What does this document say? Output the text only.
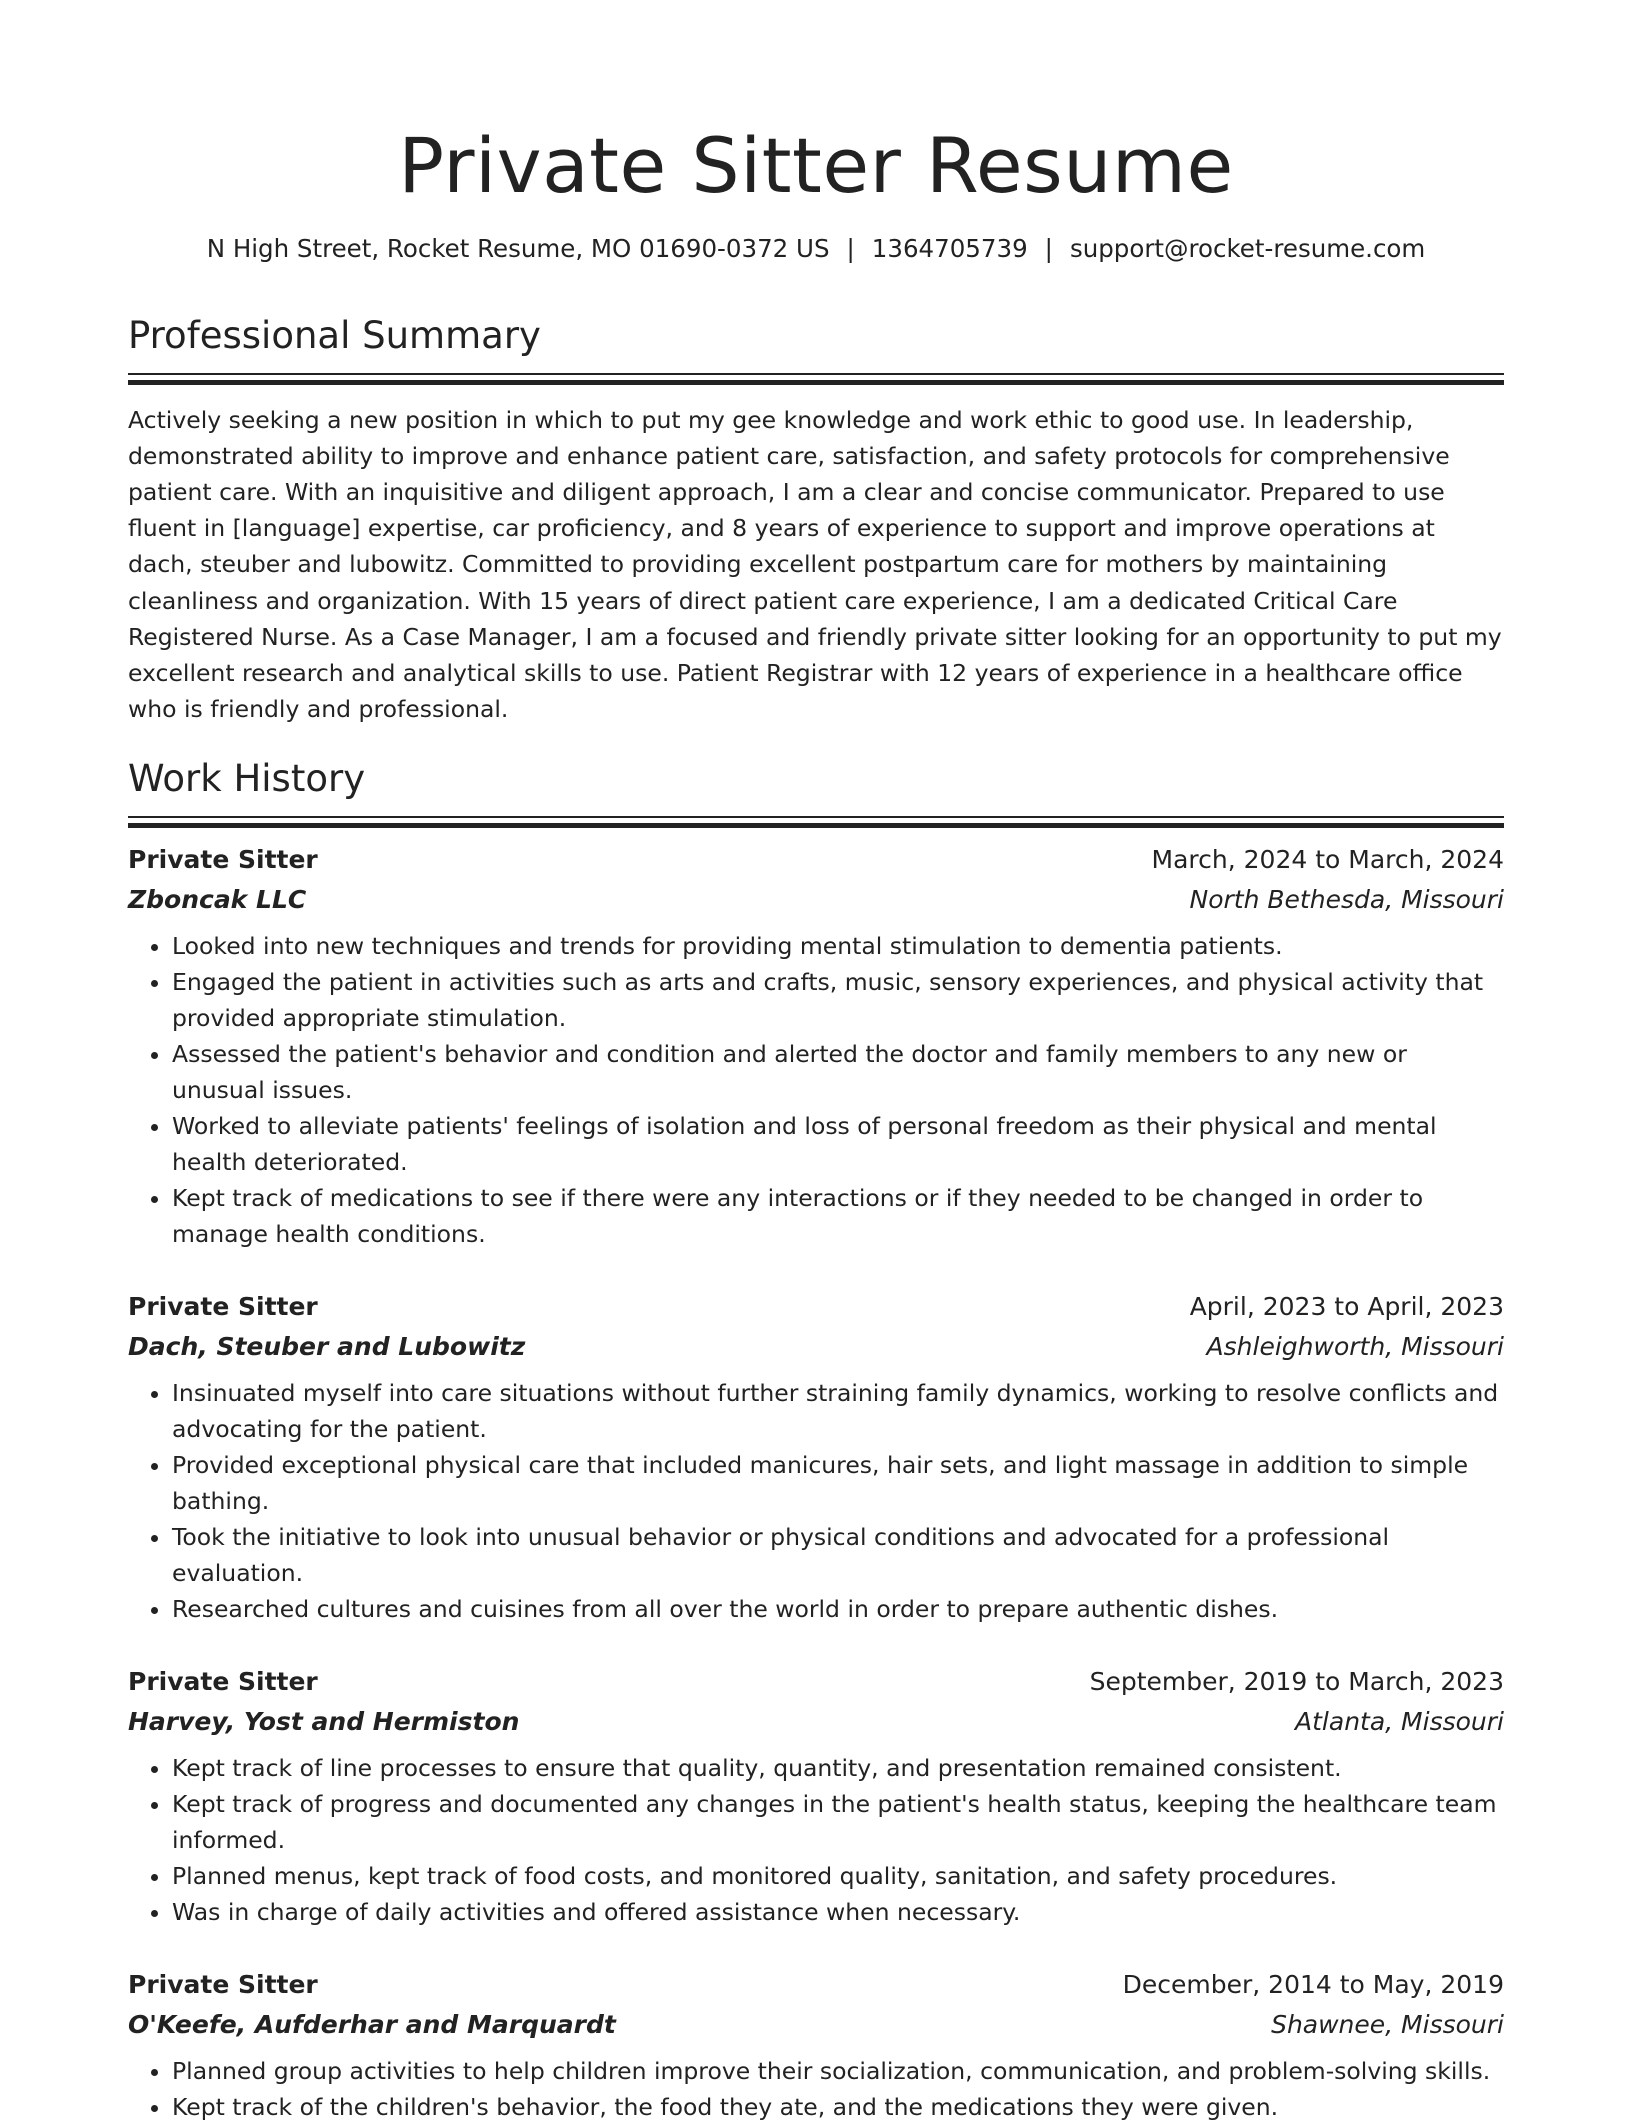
Private Sitter Resume
N High Street, Rocket Resume, MO 01690-0372 US | 1364705739 | support@rocket-resume.com
Professional Summary
Actively seeking a new position in which to put my gee knowledge and work ethic to good use. In leadership, demonstrated ability to improve and enhance patient care, satisfaction, and safety protocols for comprehensive patient care. With an inquisitive and diligent approach, I am a clear and concise communicator. Prepared to use fluent in [language] expertise, car proficiency, and 8 years of experience to support and improve operations at dach, steuber and lubowitz. Committed to providing excellent postpartum care for mothers by maintaining cleanliness and organization. With 15 years of direct patient care experience, I am a dedicated Critical Care Registered Nurse. As a Case Manager, I am a focused and friendly private sitter looking for an opportunity to put my excellent research and analytical skills to use. Patient Registrar with 12 years of experience in a healthcare office who is friendly and professional.
Work History
Private Sitter	March, 2024 to March, 2024
Zboncak LLC	North Bethesda, Missouri
• Looked into new techniques and trends for providing mental stimulation to dementia patients.
• Engaged the patient in activities such as arts and crafts, music, sensory experiences, and physical activity that provided appropriate stimulation.
• Assessed the patient's behavior and condition and alerted the doctor and family members to any new or unusual issues.
• Worked to alleviate patients' feelings of isolation and loss of personal freedom as their physical and mental health deteriorated.
• Kept track of medications to see if there were any interactions or if they needed to be changed in order to manage health conditions.
Private Sitter	April, 2023 to April, 2023
Dach, Steuber and Lubowitz	Ashleighworth, Missouri
• Insinuated myself into care situations without further straining family dynamics, working to resolve conflicts and advocating for the patient.
• Provided exceptional physical care that included manicures, hair sets, and light massage in addition to simple bathing.
• Took the initiative to look into unusual behavior or physical conditions and advocated for a professional evaluation.
• Researched cultures and cuisines from all over the world in order to prepare authentic dishes.
Private Sitter	September, 2019 to March, 2023
Harvey, Yost and Hermiston	Atlanta, Missouri
• Kept track of line processes to ensure that quality, quantity, and presentation remained consistent.
• Kept track of progress and documented any changes in the patient's health status, keeping the healthcare team informed.
• Planned menus, kept track of food costs, and monitored quality, sanitation, and safety procedures.
• Was in charge of daily activities and offered assistance when necessary.
Private Sitter	December, 2014 to May, 2019
O'Keefe, Aufderhar and Marquardt	Shawnee, Missouri
• Planned group activities to help children improve their socialization, communication, and problem-solving skills.
• Kept track of the children's behavior, the food they ate, and the medications they were given.
